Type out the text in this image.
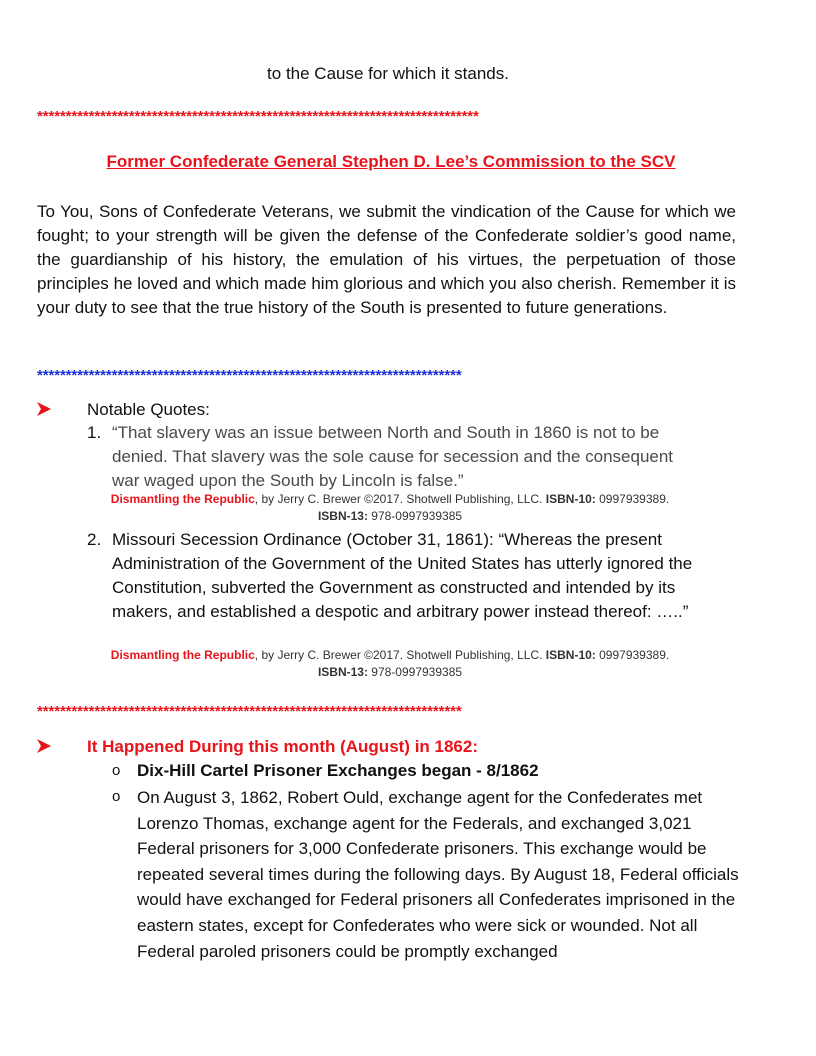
to the Cause for which it stands.
*****************************************************************************
Former Confederate General Stephen D. Lee’s Commission to the SCV
To You, Sons of Confederate Veterans, we submit the vindication of the Cause for which we fought; to your strength will be given the defense of the Confederate soldier’s good name, the guardianship of his history, the emulation of his virtues, the perpetuation of those principles he loved and which made him glorious and which you also cherish. Remember it is your duty to see that the true history of the South is presented to future generations.
**************************************************************************
Notable Quotes:
1. “That slavery was an issue between North and South in 1860 is not to be denied. That slavery was the sole cause for secession and the consequent war waged upon the South by Lincoln is false.”
Dismantling the Republic, by Jerry C. Brewer ©2017. Shotwell Publishing, LLC. ISBN-10: 0997939389. ISBN-13: 978-0997939385
2. Missouri Secession Ordinance (October 31, 1861): “Whereas the present Administration of the Government of the United States has utterly ignored the Constitution, subverted the Government as constructed and intended by its makers, and established a despotic and arbitrary power instead thereof: …..”
Dismantling the Republic, by Jerry C. Brewer ©2017. Shotwell Publishing, LLC. ISBN-10: 0997939389. ISBN-13: 978-0997939385
**************************************************************************
It Happened During this month (August) in 1862:
o Dix-Hill Cartel Prisoner Exchanges began - 8/1862
o On August 3, 1862, Robert Ould, exchange agent for the Confederates met Lorenzo Thomas, exchange agent for the Federals, and exchanged 3,021 Federal prisoners for 3,000 Confederate prisoners. This exchange would be repeated several times during the following days. By August 18, Federal officials would have exchanged for Federal prisoners all Confederates imprisoned in the eastern states, except for Confederates who were sick or wounded. Not all Federal paroled prisoners could be promptly exchanged
